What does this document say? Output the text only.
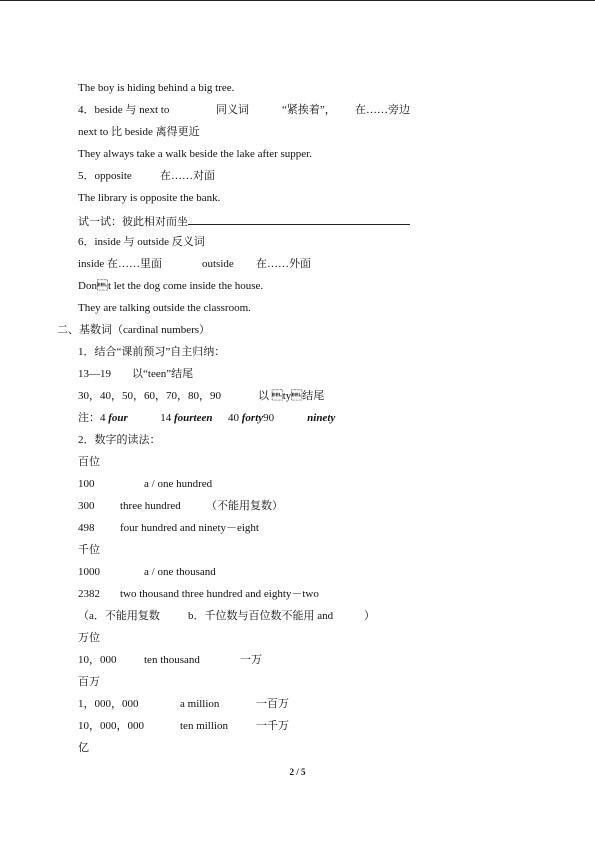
The boy is hiding behind a big tree.
4．beside 与 next to	同义词	“紧挨着”， 在……旁边
next to 比 beside 离得更近
They always take a walk beside the lake after supper.
5．opposite	在……对面
The library is opposite the bank.
试一试：彼此相对而坐
6．inside 与 outside 反义词
inside 在……里面	outside 在……外面
Dont let the dog come inside the house.
They are talking outside the classroom.
二、基数词（cardinal numbers）
1．结合“课前预习”自主归纳：
13—19 以“teen”结尾
30，40，50，60，70，80，90	以 ty结尾
注：4 four	14 fourteen 40 forty90	ninety
2．数字的读法：
百位
100	a / one hundred
300 three hundred （不能用复数）
498 four hundred and ninety－eight
千位
1000	a / one thousand
2382 two thousand three hundred and eighty－two
（a．不能用复数	b．千位数与百位数不能用 and	）
万位
10，000	ten thousand	一万
百万
1，000，000	a million	一百万
10，000，000	ten million	一千万
亿
2 / 5
